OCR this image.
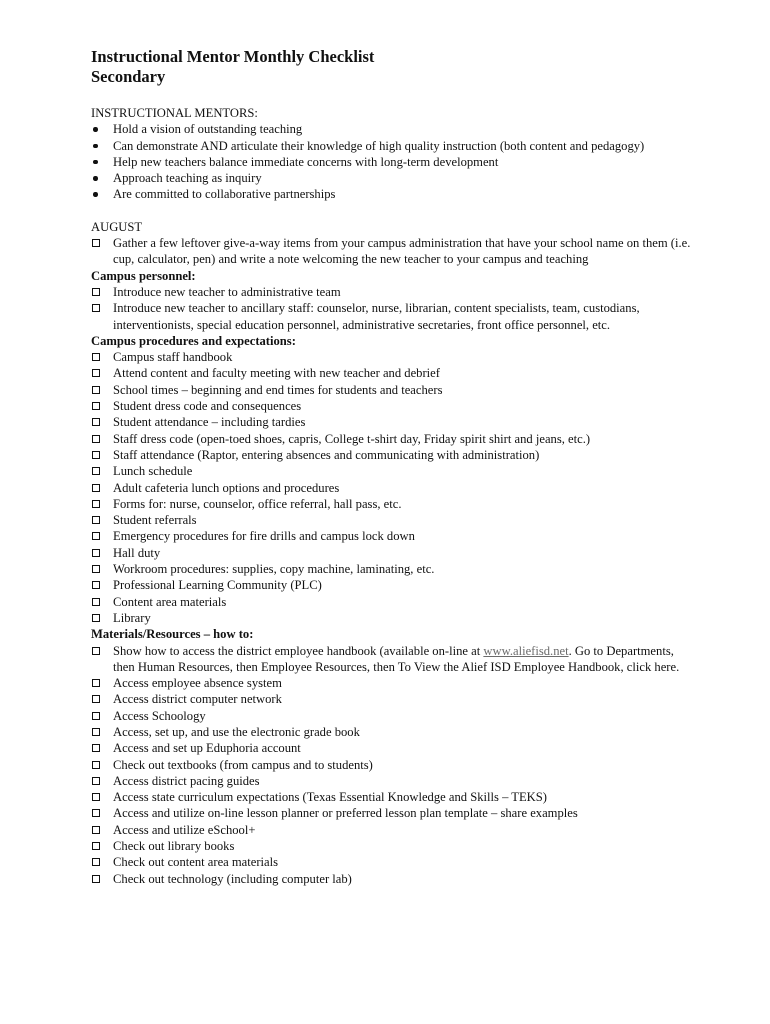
Instructional Mentor Monthly Checklist
Secondary
INSTRUCTIONAL MENTORS:
Hold a vision of outstanding teaching
Can demonstrate AND articulate their knowledge of high quality instruction (both content and pedagogy)
Help new teachers balance immediate concerns with long-term development
Approach teaching as inquiry
Are committed to collaborative partnerships
AUGUST
Gather a few leftover give-a-way items from your campus administration that have your school name on them (i.e. cup, calculator, pen) and write a note welcoming the new teacher to your campus and teaching
Campus personnel:
Introduce new teacher to administrative team
Introduce new teacher to ancillary staff: counselor, nurse, librarian, content specialists, team, custodians, interventionists, special education personnel, administrative secretaries, front office personnel, etc.
Campus procedures and expectations:
Campus staff handbook
Attend content and faculty meeting with new teacher and debrief
School times – beginning and end times for students and teachers
Student dress code and consequences
Student attendance – including tardies
Staff dress code (open-toed shoes, capris, College t-shirt day, Friday spirit shirt and jeans, etc.)
Staff attendance (Raptor, entering absences and communicating with administration)
Lunch schedule
Adult cafeteria lunch options and procedures
Forms for: nurse, counselor, office referral, hall pass, etc.
Student referrals
Emergency procedures for fire drills and campus lock down
Hall duty
Workroom procedures: supplies, copy machine, laminating, etc.
Professional Learning Community (PLC)
Content area materials
Library
Materials/Resources – how to:
Show how to access the district employee handbook (available on-line at www.aliefisd.net. Go to Departments, then Human Resources, then Employee Resources, then To View the Alief ISD Employee Handbook, click here.
Access employee absence system
Access district computer network
Access Schoology
Access, set up, and use the electronic grade book
Access and set up Eduphoria account
Check out textbooks (from campus and to students)
Access district pacing guides
Access state curriculum expectations (Texas Essential Knowledge and Skills – TEKS)
Access and utilize on-line lesson planner or preferred lesson plan template – share examples
Access and utilize eSchool+
Check out library books
Check out content area materials
Check out technology (including computer lab)
